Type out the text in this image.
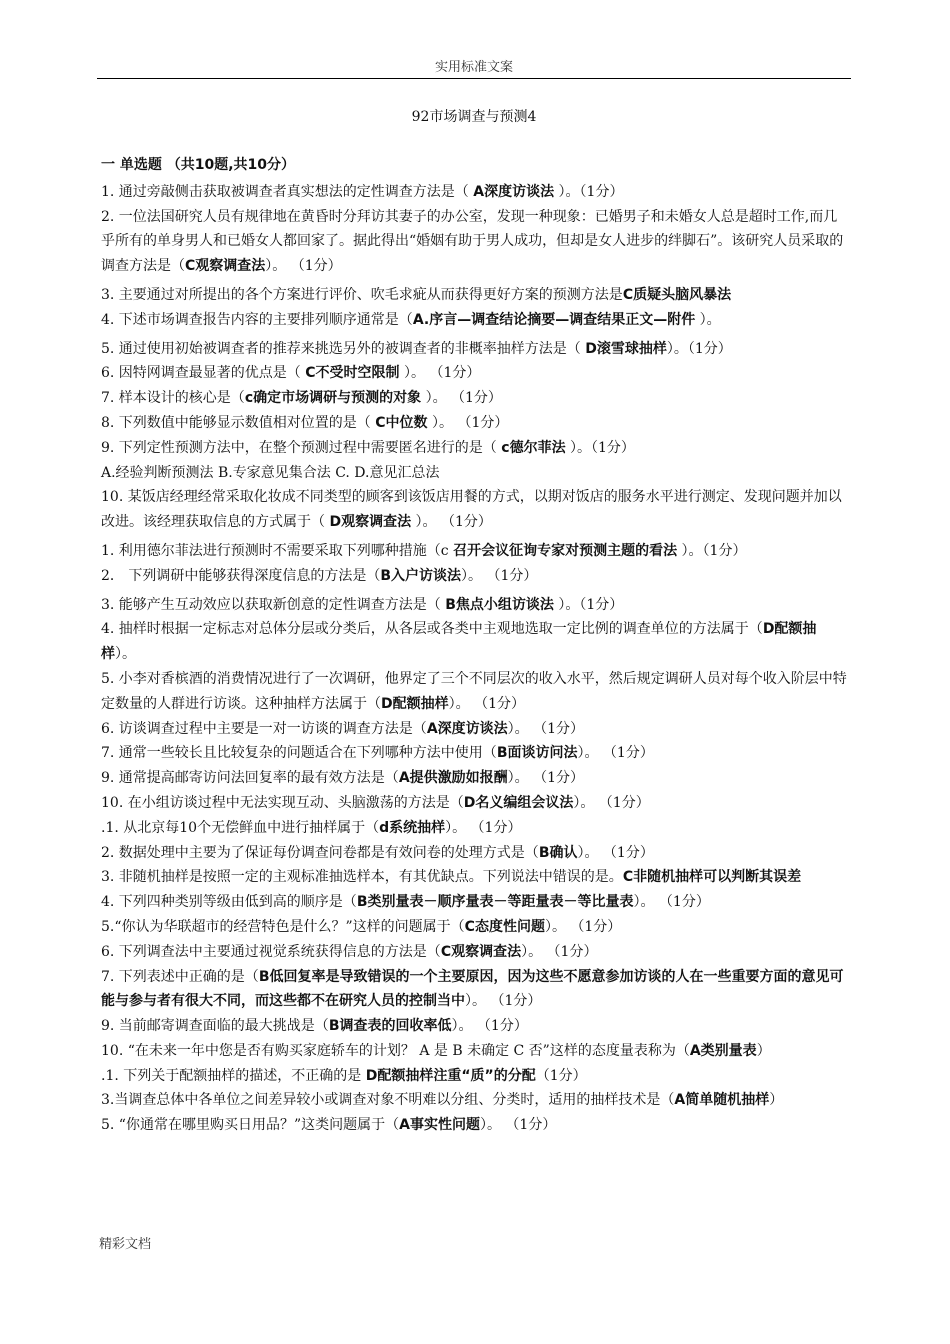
实用标准文案
92市场调查与预测4
一 单选题 （共10题,共10分）
1. 通过旁敲侧击获取被调查者真实想法的定性调查方法是（ A深度访谈法 ）。（1分）
2. 一位法国研究人员有规律地在黄昏时分拜访其妻子的办公室，发现一种现象：已婚男子和未婚女人总是超时工作,而几乎所有的单身男人和已婚女人都回家了。据此得出“婚姻有助于男人成功，但却是女人进步的绊脚石”。该研究人员采取的调查方法是（C观察调查法）。 （1分）
3. 主要通过对所提出的各个方案进行评价、吹毛求疵从而获得更好方案的预测方法是C质疑头脑风暴法
4. 下述市场调查报告内容的主要排列顺序通常是（A.序言—调查结论摘要—调查结果正文—附件 ）。
5. 通过使用初始被调查者的推荐来挑选另外的被调查者的非概率抽样方法是（ D滚雪球抽样）。（1分）
6. 因特网调查最显著的优点是（ C不受时空限制 ）。 （1分）
7. 样本设计的核心是（c确定市场调研与预测的对象 ）。 （1分）
8. 下列数值中能够显示数值相对位置的是（ C中位数 ）。 （1分）
9. 下列定性预测方法中，在整个预测过程中需要匿名进行的是（ c德尔菲法 ）。（1分）
A.经验判断预测法 B.专家意见集合法 C. D.意见汇总法
10. 某饭店经理经常采取化妆成不同类型的顾客到该饭店用餐的方式，以期对饭店的服务水平进行测定、发现问题并加以改进。该经理获取信息的方式属于（ D观察调查法 ）。 （1分）
1. 利用德尔菲法进行预测时不需要采取下列哪种措施（c 召开会议征询专家对预测主题的看法 ）。（1分）
2． 下列调研中能够获得深度信息的方法是（B入户访谈法）。 （1分）
3. 能够产生互动效应以获取新创意的定性调查方法是（ B焦点小组访谈法 ）。（1分）
4. 抽样时根据一定标志对总体分层或分类后，从各层或各类中主观地选取一定比例的调查单位的方法属于（D配额抽样）。
5. 小李对香槟酒的消费情况进行了一次调研，他界定了三个不同层次的收入水平，然后规定调研人员对每个收入阶层中特定数量的人群进行访谈。这种抽样方法属于（D配额抽样）。 （1分）
6. 访谈调查过程中主要是一对一访谈的调查方法是（A深度访谈法）。 （1分）
7. 通常一些较长且比较复杂的问题适合在下列哪种方法中使用（B面谈访问法）。 （1分）
9. 通常提高邮寄访问法回复率的最有效方法是（A提供激励如报酬）。 （1分）
10. 在小组访谈过程中无法实现互动、头脑激荡的方法是（D名义编组会议法）。 （1分）
.1. 从北京每10个无偿鲜血中进行抽样属于（d系统抽样）。 （1分）
2. 数据处理中主要为了保证每份调查问卷都是有效问卷的处理方式是（B确认）。 （1分）
3. 非随机抽样是按照一定的主观标准抽选样本，有其优缺点。下列说法中错误的是。C非随机抽样可以判断其误差
4. 下列四种类别等级由低到高的顺序是（B类别量表－顺序量表－等距量表－等比量表）。 （1分）
5.“你认为华联超市的经营特色是什么？”这样的问题属于（C态度性问题）。 （1分）
6. 下列调查法中主要通过视觉系统获得信息的方法是（C观察调查法）。 （1分）
7. 下列表述中正确的是（B低回复率是导致错误的一个主要原因，因为这些不愿意参加访谈的人在一些重要方面的意见可能与参与者有很大不同，而这些都不在研究人员的控制当中）。 （1分）
9. 当前邮寄调查面临的最大挑战是（B调查表的回收率低）。 （1分）
10. “在未来一年中您是否有购买家庭轿车的计划？ A 是 B 未确定 C 否”这样的态度量表称为（A类别量表）
.1. 下列关于配额抽样的描述，不正确的是 D配额抽样注重“质”的分配（1分）
3.当调查总体中各单位之间差异较小或调查对象不明难以分组、分类时，适用的抽样技术是（A简单随机抽样）
5. “你通常在哪里购买日用品？”这类问题属于（A事实性问题）。 （1分）
精彩文档
